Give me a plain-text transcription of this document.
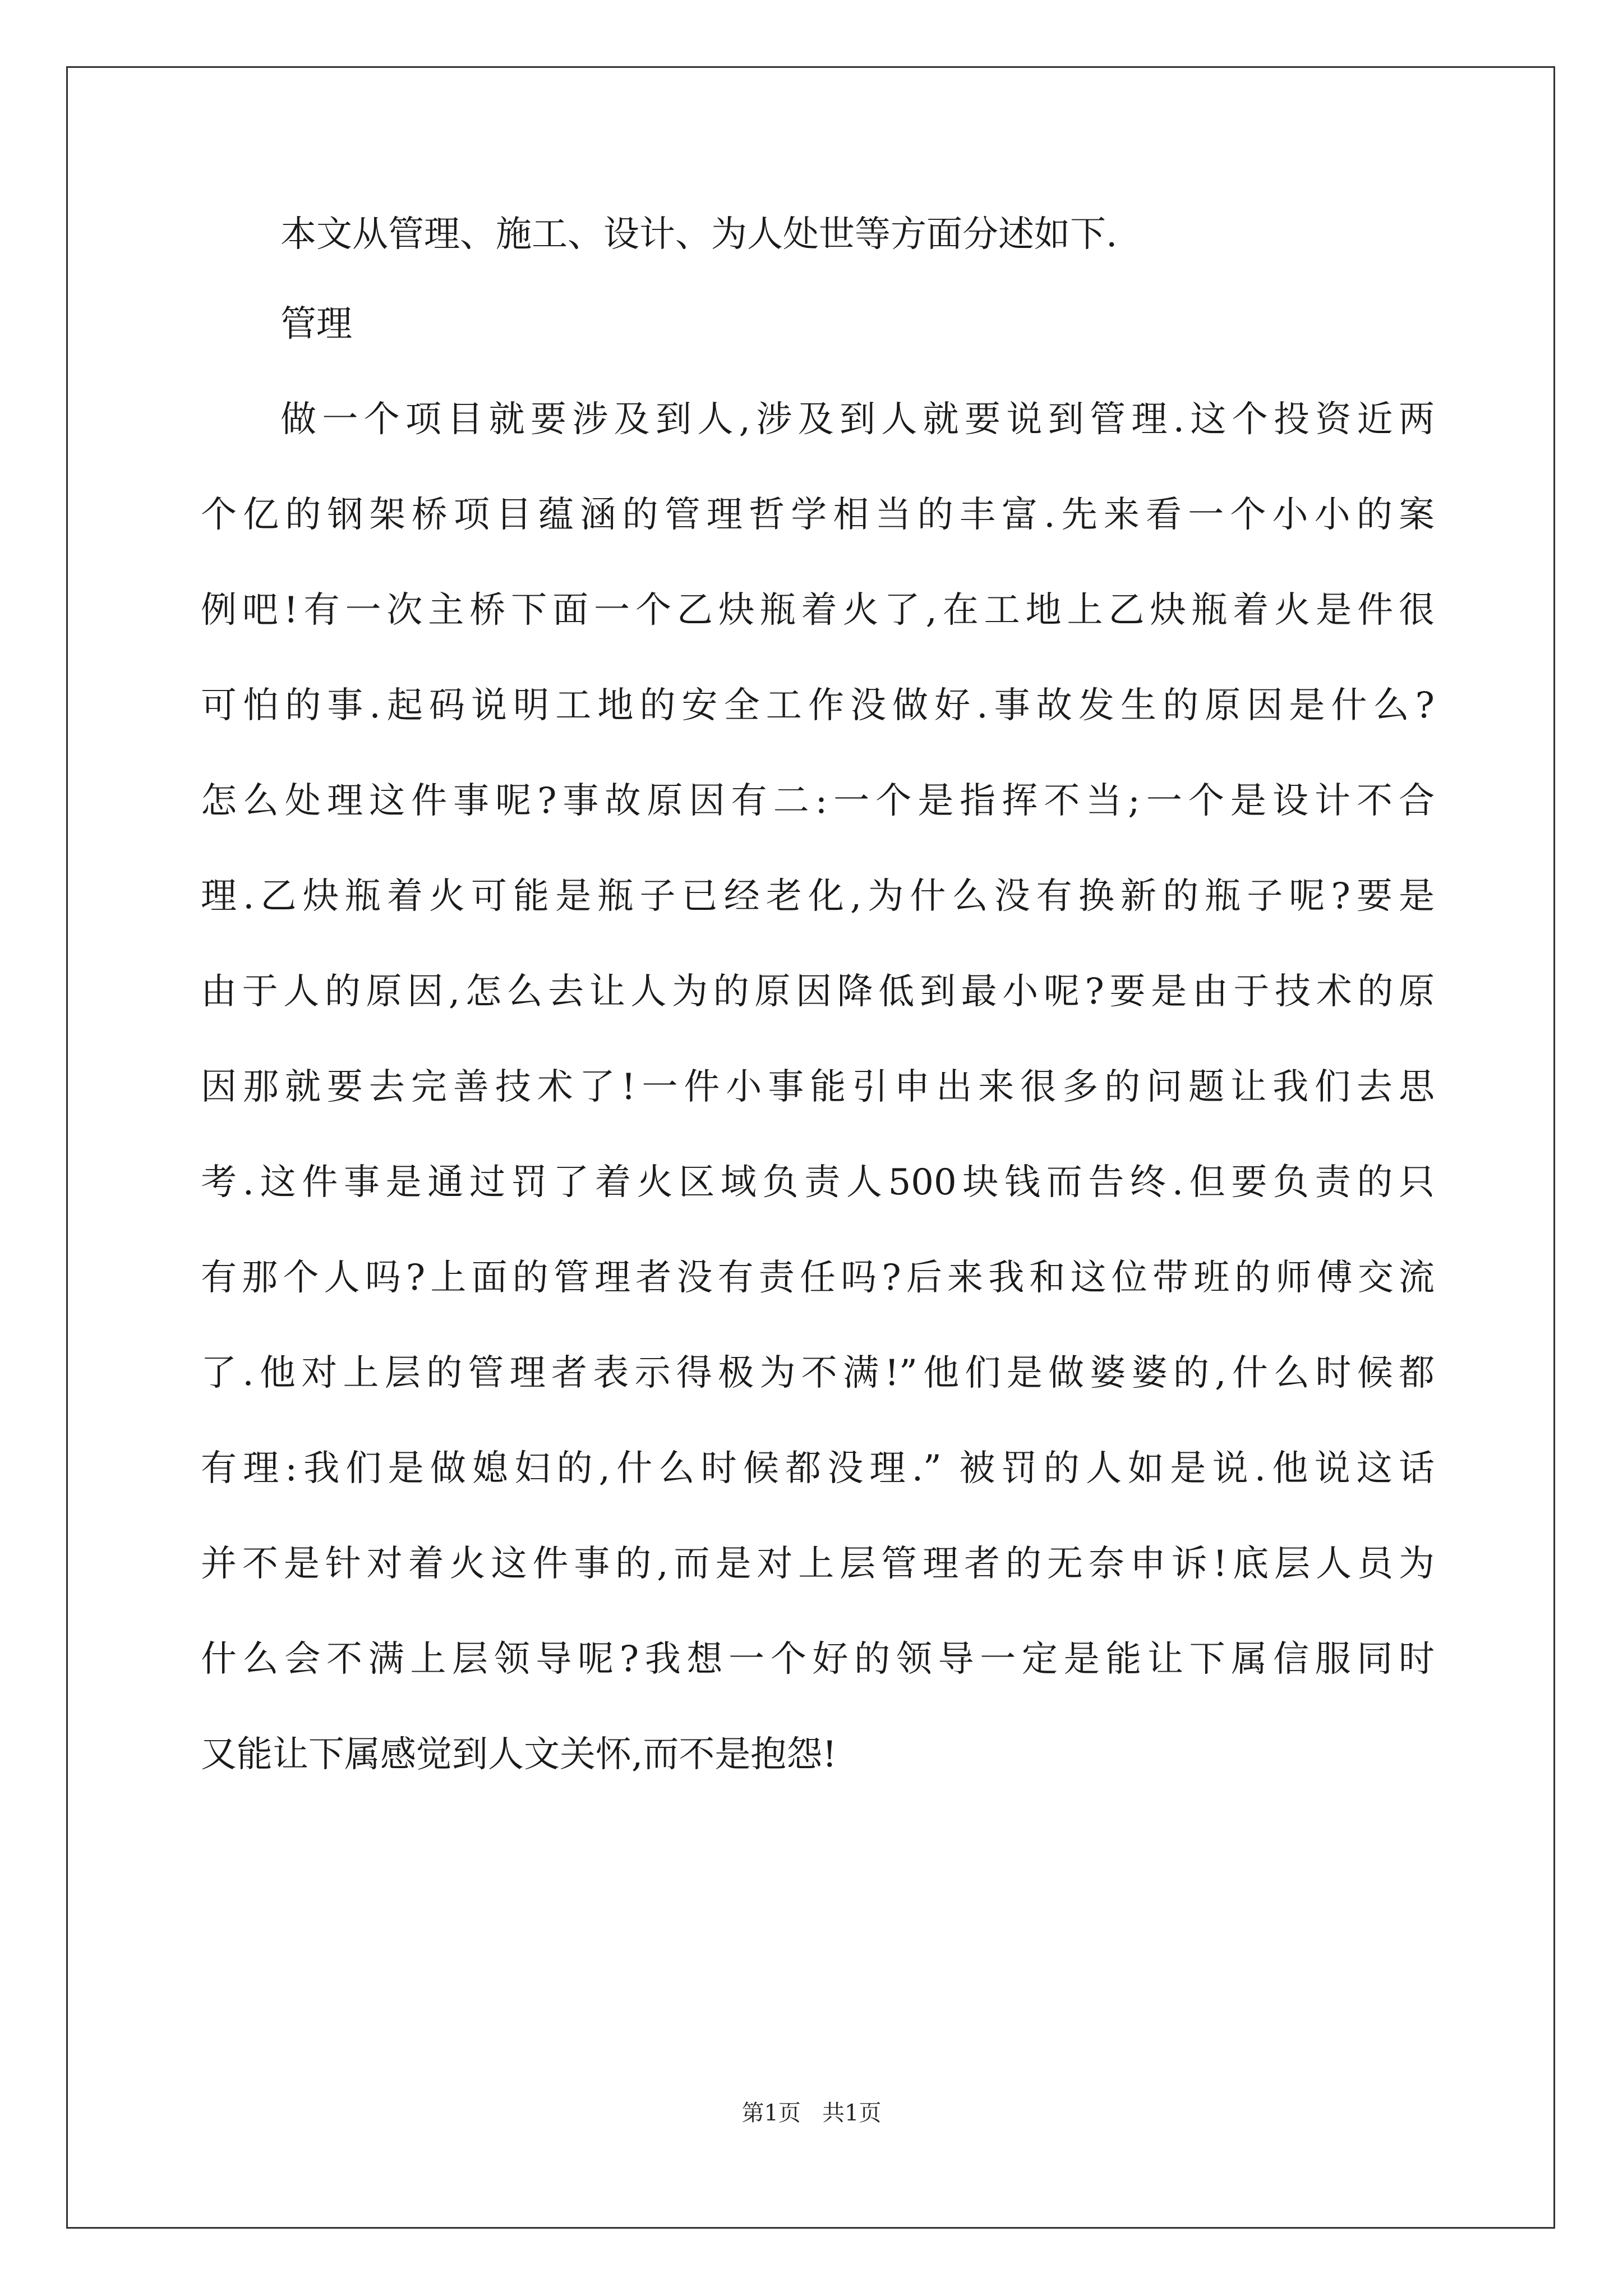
本文从管理、施工、设计、为人处世等方面分述如下.
管理
做一个项目就要涉及到人,涉及到人就要说到管理.这个投资近两
个亿的钢架桥项目蕴涵的管理哲学相当的丰富.先来看一个小小的案
例吧!有一次主桥下面一个乙炔瓶着火了,在工地上乙炔瓶着火是件很
可怕的事.起码说明工地的安全工作没做好.事故发生的原因是什么?
怎么处理这件事呢?事故原因有二:一个是指挥不当;一个是设计不合
理.乙炔瓶着火可能是瓶子已经老化,为什么没有换新的瓶子呢?要是
由于人的原因,怎么去让人为的原因降低到最小呢?要是由于技术的原
因那就要去完善技术了!一件小事能引申出来很多的问题让我们去思
考.这件事是通过罚了着火区域负责人500块钱而告终.但要负责的只
有那个人吗?上面的管理者没有责任吗?后来我和这位带班的师傅交流
了.他对上层的管理者表示得极为不满!”他们是做婆婆的,什么时候都
有理:我们是做媳妇的,什么时候都没理.” 被罚的人如是说.他说这话
并不是针对着火这件事的,而是对上层管理者的无奈申诉!底层人员为
什么会不满上层领导呢?我想一个好的领导一定是能让下属信服同时
又能让下属感觉到人文关怀,而不是抱怨!
第1页   共1页
